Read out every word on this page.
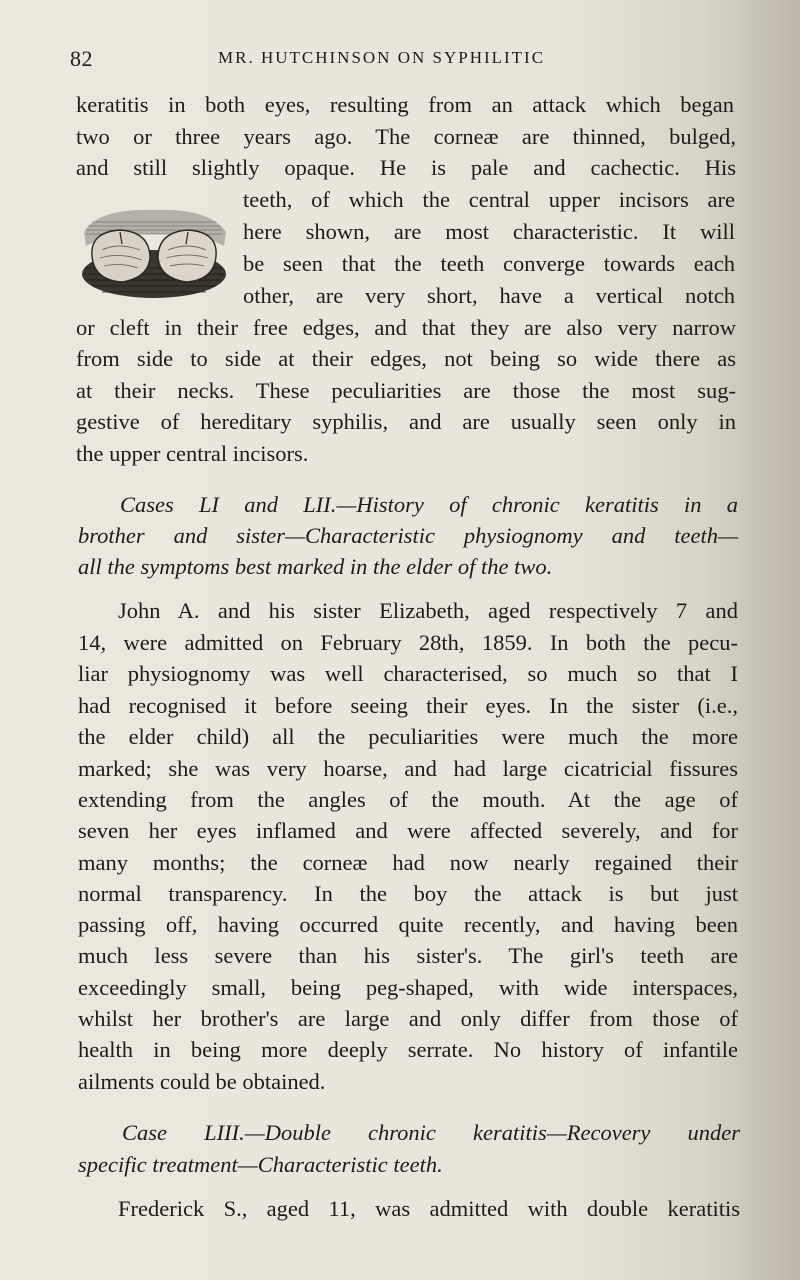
82	MR. HUTCHINSON ON SYPHILITIC
keratitis in both eyes, resulting from an attack which began
two or three years ago. The corneæ are thinned, bulged,
and still slightly opaque. He is pale and cachectic. His
teeth, of which the central upper incisors are
here shown, are most characteristic. It will
be seen that the teeth converge towards each
other, are very short, have a vertical notch
or cleft in their free edges, and that they are also very narrow
from side to side at their edges, not being so wide there as
at their necks. These peculiarities are those the most sug-
gestive of hereditary syphilis, and are usually seen only in
the upper central incisors.
Cases LI and LII.—History of chronic keratitis in a
brother and sister—Characteristic physiognomy and teeth—
all the symptoms best marked in the elder of the two.
John A. and his sister Elizabeth, aged respectively 7 and
14, were admitted on February 28th, 1859. In both the pecu-
liar physiognomy was well characterised, so much so that I
had recognised it before seeing their eyes. In the sister (i.e.,
the elder child) all the peculiarities were much the more
marked; she was very hoarse, and had large cicatricial fissures
extending from the angles of the mouth. At the age of
seven her eyes inflamed and were affected severely, and for
many months; the corneæ had now nearly regained their
normal transparency. In the boy the attack is but just
passing off, having occurred quite recently, and having been
much less severe than his sister's. The girl's teeth are
exceedingly small, being peg-shaped, with wide interspaces,
whilst her brother's are large and only differ from those of
health in being more deeply serrate. No history of infantile
ailments could be obtained.
Case LIII.—Double chronic keratitis—Recovery under
specific treatment—Characteristic teeth.
Frederick S., aged 11, was admitted with double keratitis
